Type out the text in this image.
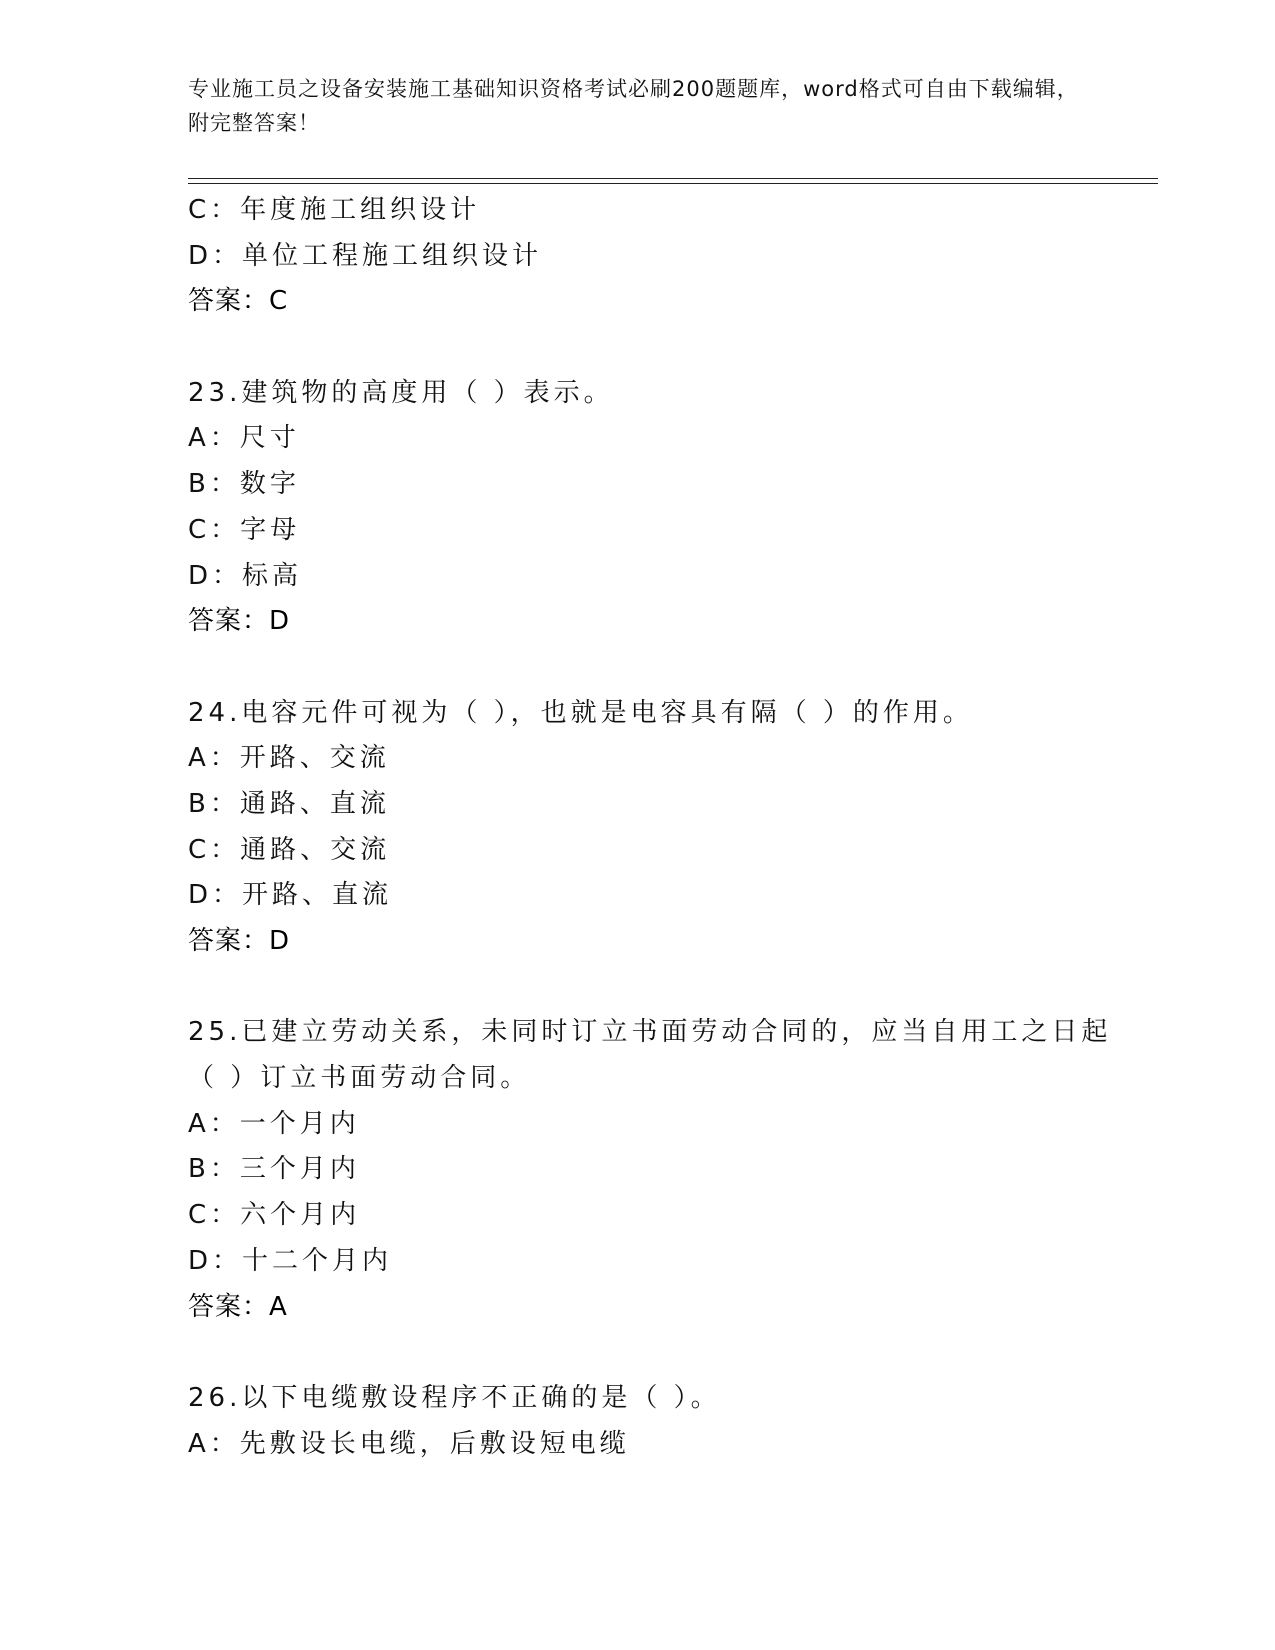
专业施工员之设备安装施工基础知识资格考试必刷200题题库，word格式可自由下载编辑，附完整答案！
C：年度施工组织设计
D：单位工程施工组织设计
答案：C
23.建筑物的高度用（ ）表示。
A：尺寸
B：数字
C：字母
D：标高
答案：D
24.电容元件可视为（ ），也就是电容具有隔（ ）的作用。
A：开路、交流
B：通路、直流
C：通路、交流
D：开路、直流
答案：D
25.已建立劳动关系，未同时订立书面劳动合同的，应当自用工之日起
（ ）订立书面劳动合同。
A：一个月内
B：三个月内
C：六个月内
D：十二个月内
答案：A
26.以下电缆敷设程序不正确的是（ ）。
A：先敷设长电缆，后敷设短电缆
